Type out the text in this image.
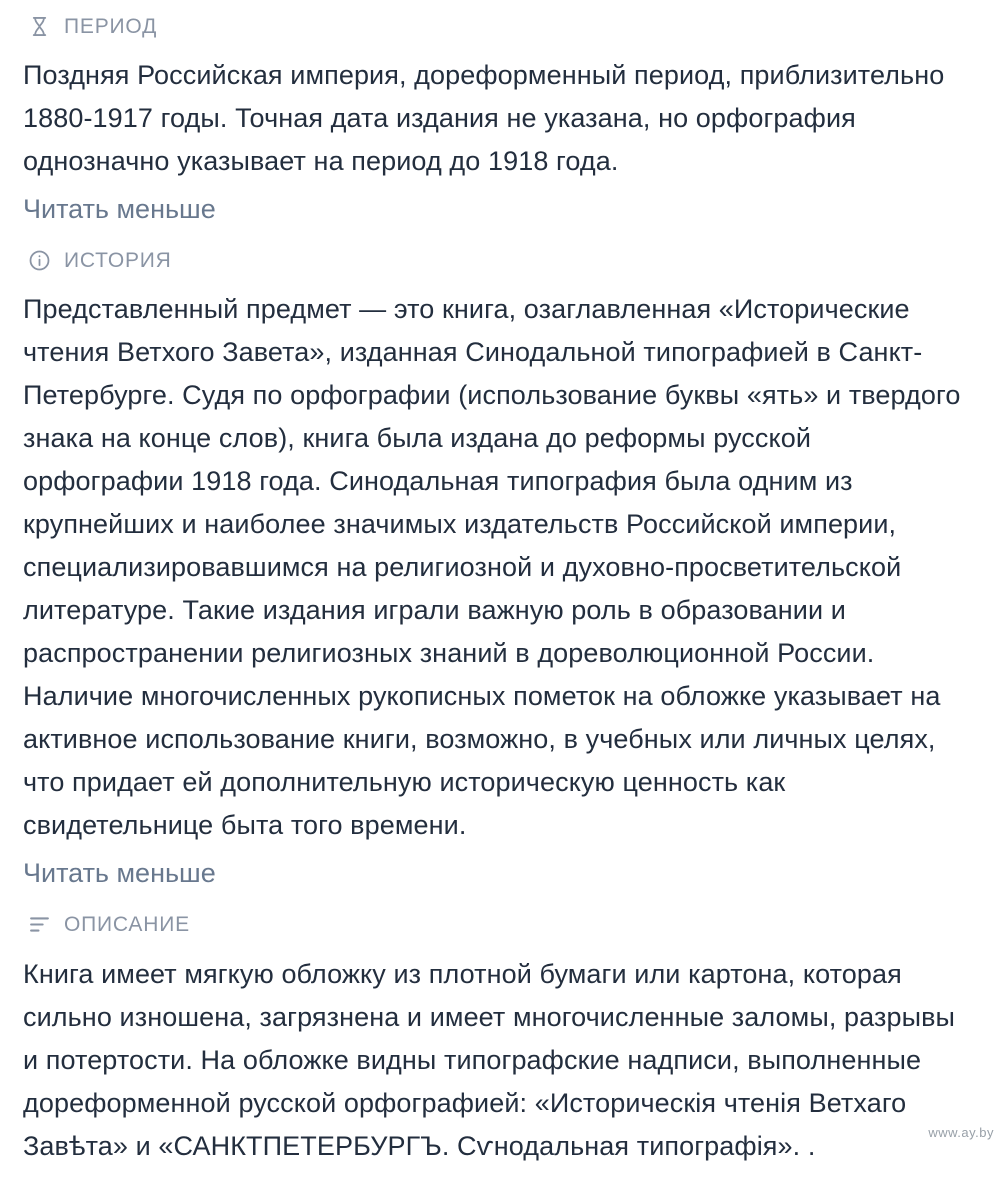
ПЕРИОД

Поздняя Российская империя, дореформенный период, приблизительно 1880-1917 годы. Точная дата издания не указана, но орфография однозначно указывает на период до 1918 года.

Читать меньше
ИСТОРИЯ

Представленный предмет — это книга, озаглавленная «Исторические чтения Ветхого Завета», изданная Синодальной типографией в Санкт-Петербурге. Судя по орфографии (использование буквы «ять» и твердого знака на конце слов), книга была издана до реформы русской орфографии 1918 года. Синодальная типография была одним из крупнейших и наиболее значимых издательств Российской империи, специализировавшимся на религиозной и духовно-просветительской литературе. Такие издания играли важную роль в образовании и распространении религиозных знаний в дореволюционной России. Наличие многочисленных рукописных пометок на обложке указывает на активное использование книги, возможно, в учебных или личных целях, что придает ей дополнительную историческую ценность как свидетельнице быта того времени.

Читать меньше
ОПИСАНИЕ

Книга имеет мягкую обложку из плотной бумаги или картона, которая сильно изношена, загрязнена и имеет многочисленные заломы, разрывы и потертости. На обложке видны типографские надписи, выполненные дореформенной русской орфографией: «Историческія чтенія Ветхаго Завѣта» и «САНКТПЕТЕРБУРГЪ. Сѵнодальная типографія». .	www.ay.by
